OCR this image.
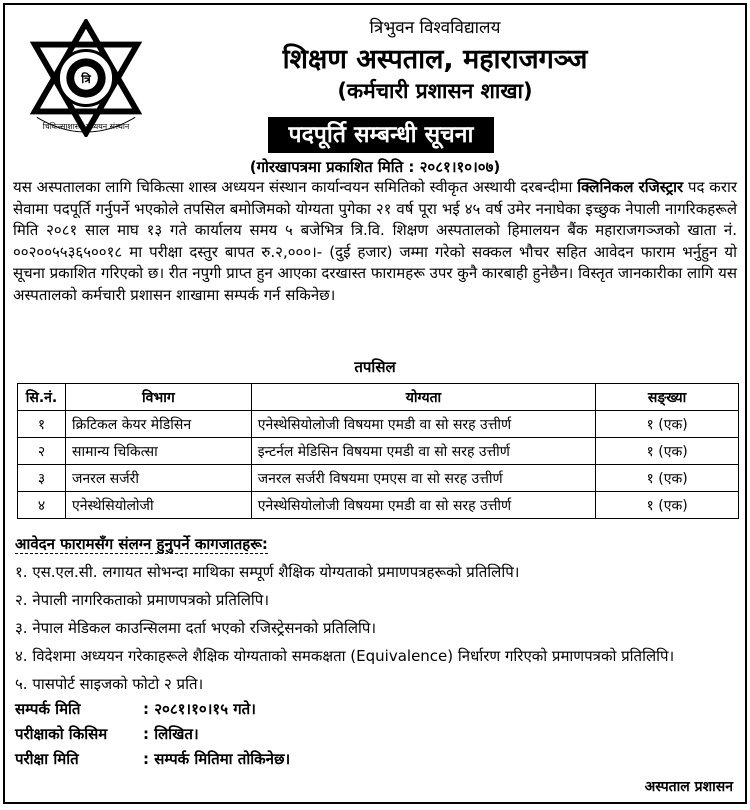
त्रि
चिकित्साशास्त्र अध्ययन संस्थान
त्रिभुवन विश्वविद्यालय
शिक्षण अस्पताल, महाराजगञ्ज
(कर्मचारी प्रशासन शाखा)
पदपूर्ति सम्बन्धी सूचना
(गोरखापत्रमा प्रकाशित मिति : २०८१।१०।०७)
यस अस्पतालका लागि चिकित्सा शास्त्र अध्ययन संस्थान कार्यान्वयन समितिको स्वीकृत अस्थायी दरबन्दीमा क्लिनिकल रजिस्ट्रार पद करार सेवामा पदपूर्ति गर्नुपर्ने भएकोले तपसिल बमोजिमको योग्यता पुगेका २१ वर्ष पूरा भई ४५ वर्ष उमेर ननाघेका इच्छुक नेपाली नागरिकहरूले मिति २०८१ साल माघ १३ गते कार्यालय समय ५ बजेभित्र त्रि.वि. शिक्षण अस्पतालको हिमालयन बैंक महाराजगञ्जको खाता नं. ००२००५५३६५००१८ मा परीक्षा दस्तुर बापत रु.२,०००।- (दुई हजार) जम्मा गरेको सक्कल भौचर सहित आवेदन फाराम भर्नुहुन यो सूचना प्रकाशित गरिएको छ। रीत नपुगी प्राप्त हुन आएका दरखास्त फारामहरू उपर कुनै कारबाही हुनेछैन। विस्तृत जानकारीका लागि यस अस्पतालको कर्मचारी प्रशासन शाखामा सम्पर्क गर्न सकिनेछ।
तपसिल
सि.नं.	विभाग	योग्यता	सङ्ख्या
१	क्रिटिकल केयर मेडिसिन	एनेस्थेसियोलोजी विषयमा एमडी वा सो सरह उत्तीर्ण	१ (एक)
२	सामान्य चिकित्सा	इन्टर्नल मेडिसिन विषयमा एमडी वा सो सरह उत्तीर्ण	१ (एक)
३	जनरल सर्जरी	जनरल सर्जरी विषयमा एमएस वा सो सरह उत्तीर्ण	१ (एक)
४	एनेस्थेसियोलोजी	एनेस्थेसियोलोजी विषयमा एमडी वा सो सरह उत्तीर्ण	१ (एक)
आवेदन फारामसँग संलग्न हुनुपर्ने कागजातहरू:
१. एस.एल.सी. लगायत सोभन्दा माथिका सम्पूर्ण शैक्षिक योग्यताको प्रमाणपत्रहरूको प्रतिलिपि।
२. नेपाली नागरिकताको प्रमाणपत्रको प्रतिलिपि।
३. नेपाल मेडिकल काउन्सिलमा दर्ता भएको रजिस्ट्रेसनको प्रतिलिपि।
४. विदेशमा अध्ययन गरेकाहरूले शैक्षिक योग्यताको समकक्षता (Equivalence) निर्धारण गरिएको प्रमाणपत्रको प्रतिलिपि।
५. पासपोर्ट साइजको फोटो २ प्रति।
सम्पर्क मिति	: २०८१।१०।१५ गते।
परीक्षाको किसिम	: लिखित।
परीक्षा मिति	: सम्पर्क मितिमा तोकिनेछ।
अस्पताल प्रशासन
